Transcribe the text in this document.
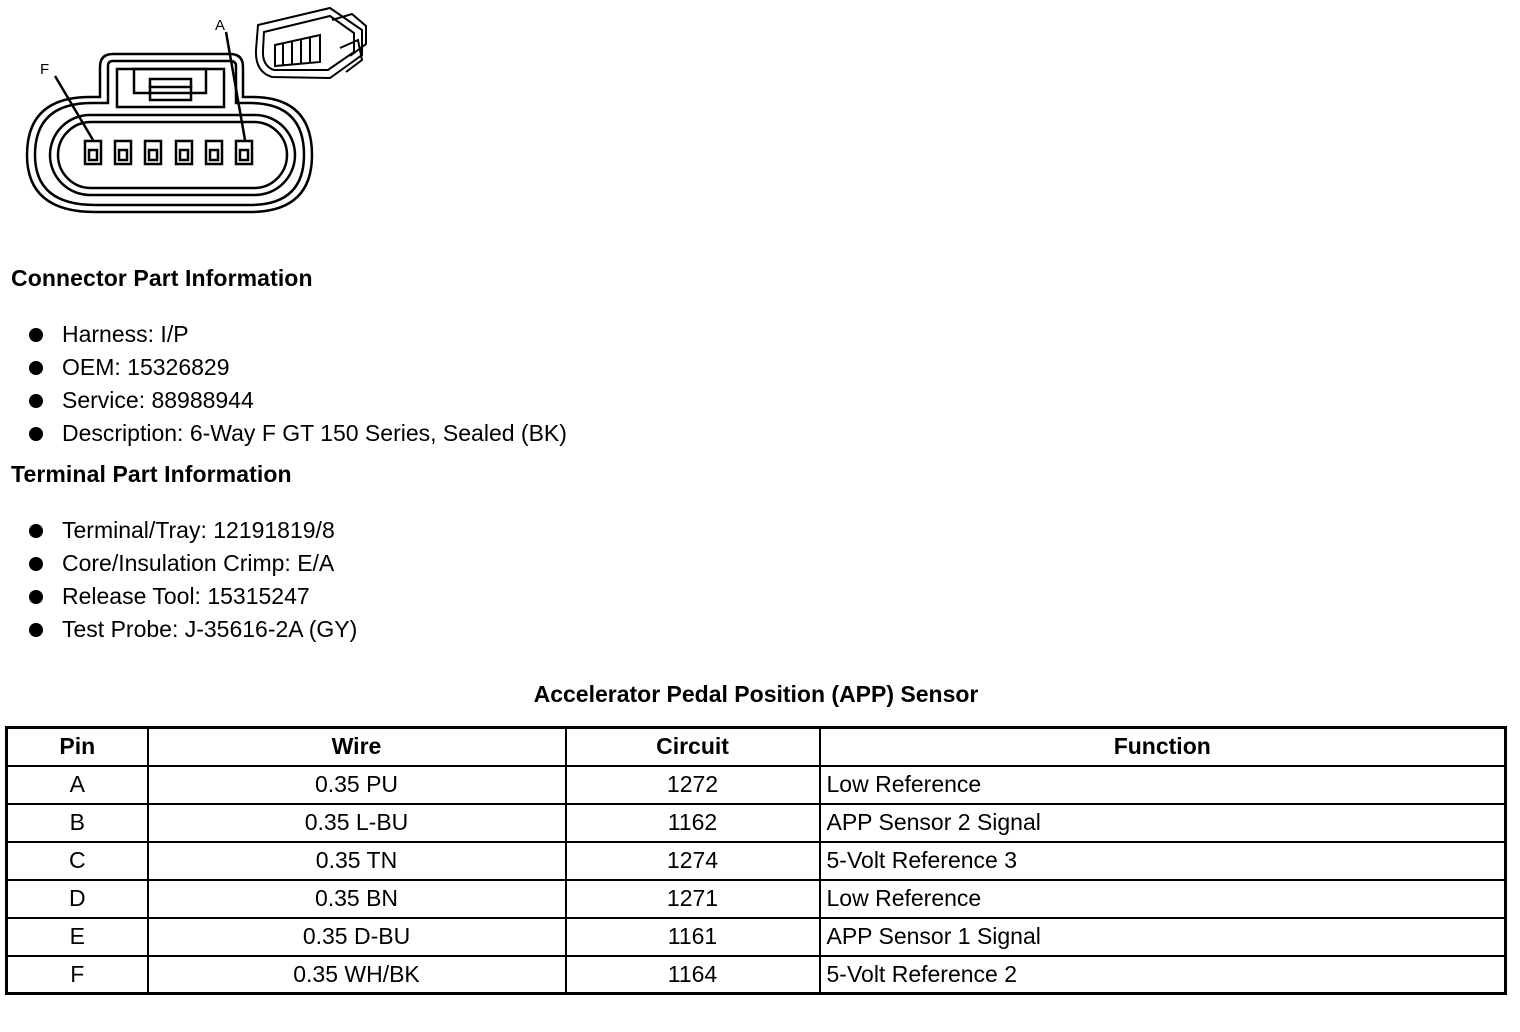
A
F
Connector Part Information
Harness: I/P
OEM: 15326829
Service: 88988944
Description: 6-Way F GT 150 Series, Sealed (BK)
Terminal Part Information
Terminal/Tray: 12191819/8
Core/Insulation Crimp: E/A
Release Tool: 15315247
Test Probe: J-35616-2A (GY)
Accelerator Pedal Position (APP) Sensor
Pin	Wire	Circuit	Function
A	0.35 PU	1272	Low Reference
B	0.35 L-BU	1162	APP Sensor 2 Signal
C	0.35 TN	1274	5-Volt Reference 3
D	0.35 BN	1271	Low Reference
E	0.35 D-BU	1161	APP Sensor 1 Signal
F	0.35 WH/BK	1164	5-Volt Reference 2
